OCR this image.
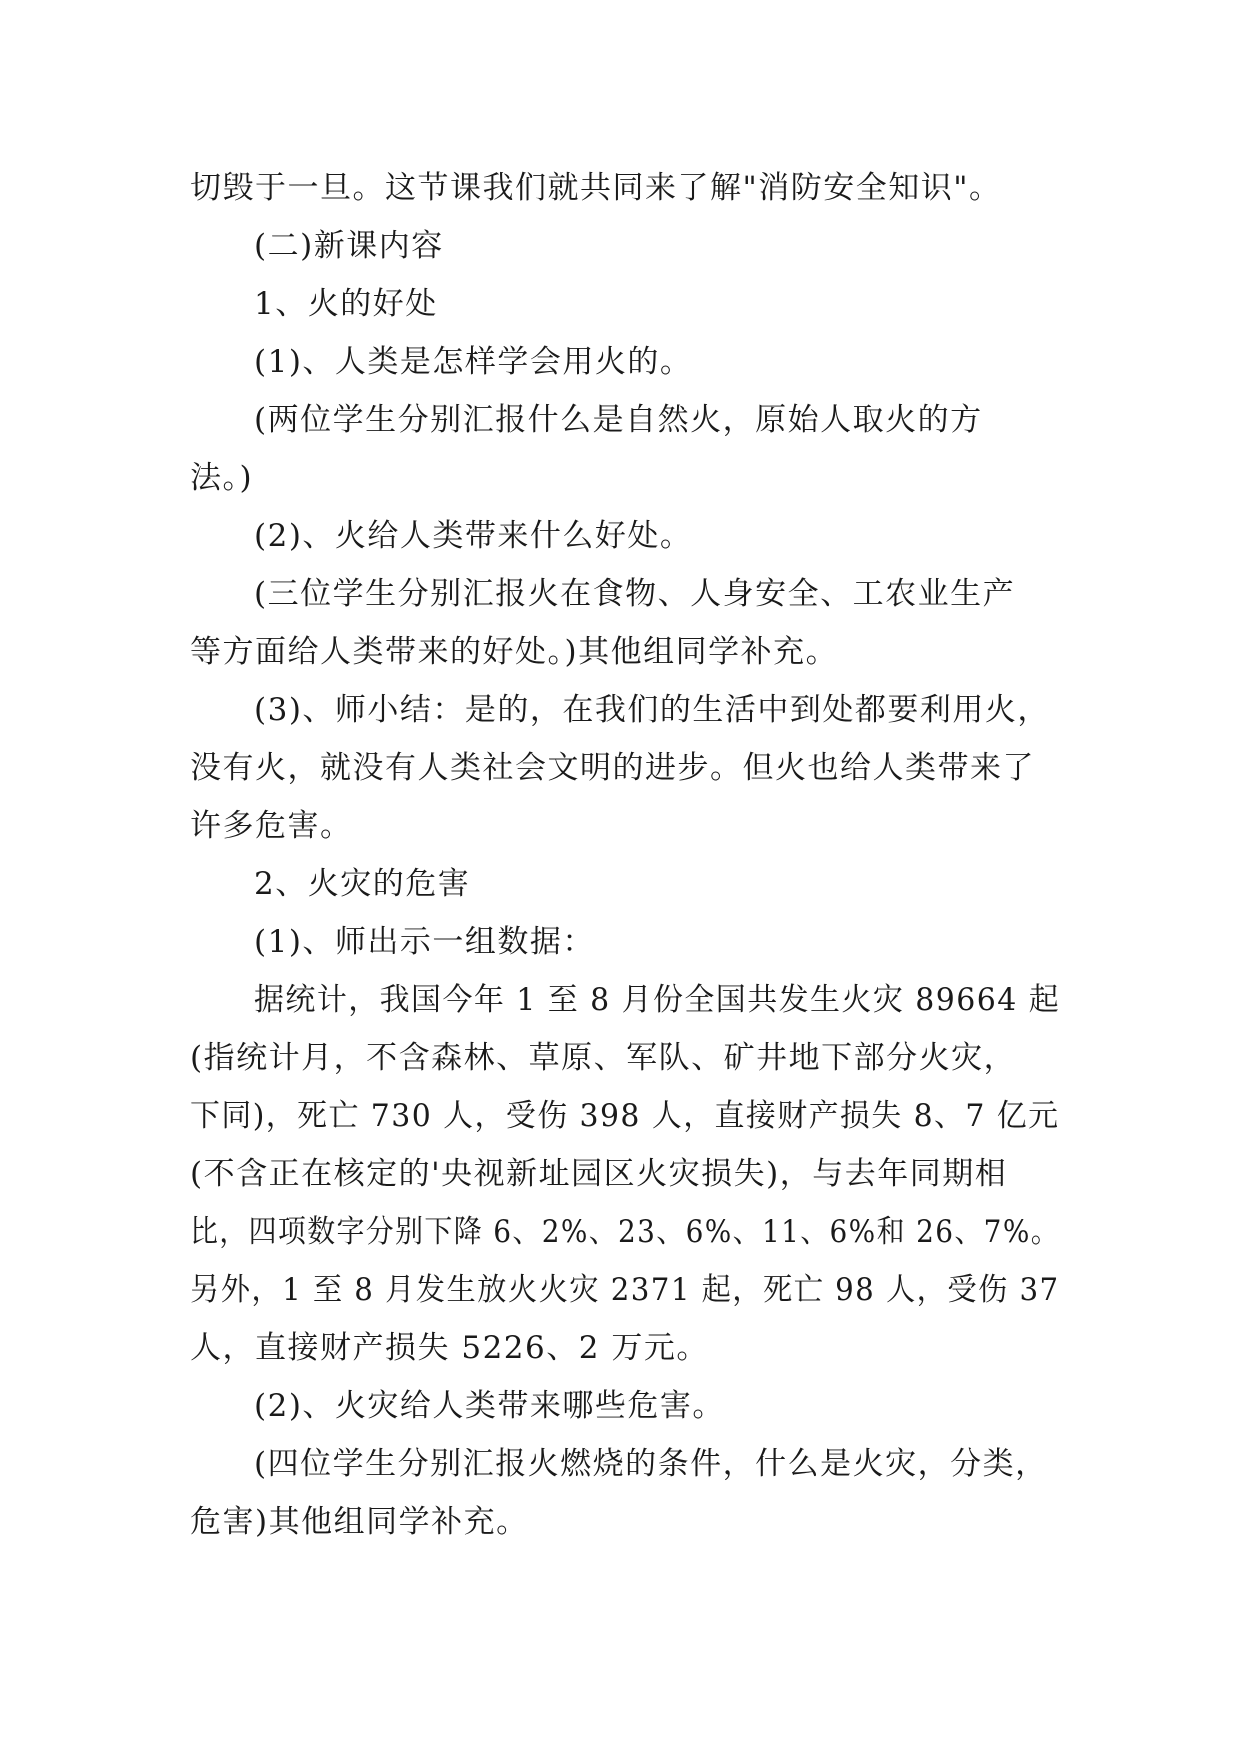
切毁于一旦。这节课我们就共同来了解"消防安全知识"。
(二)新课内容
1、火的好处
(1)、人类是怎样学会用火的。
(两位学生分别汇报什么是自然火，原始人取火的方
法。)
(2)、火给人类带来什么好处。
(三位学生分别汇报火在食物、人身安全、工农业生产
等方面给人类带来的好处。)其他组同学补充。
(3)、师小结：是的，在我们的生活中到处都要利用火，
没有火，就没有人类社会文明的进步。但火也给人类带来了
许多危害。
2、火灾的危害
(1)、师出示一组数据：
据统计，我国今年 1 至 8 月份全国共发生火灾 89664 起
(指统计月，不含森林、草原、军队、矿井地下部分火灾，
下同)，死亡 730 人，受伤 398 人，直接财产损失 8、7 亿元
(不含正在核定的'央视新址园区火灾损失)，与去年同期相
比，四项数字分别下降 6、2%、23、6%、11、6%和 26、7%。
另外，1 至 8 月发生放火火灾 2371 起，死亡 98 人，受伤 37
人，直接财产损失 5226、2 万元。
(2)、火灾给人类带来哪些危害。
(四位学生分别汇报火燃烧的条件，什么是火灾，分类，
危害)其他组同学补充。
